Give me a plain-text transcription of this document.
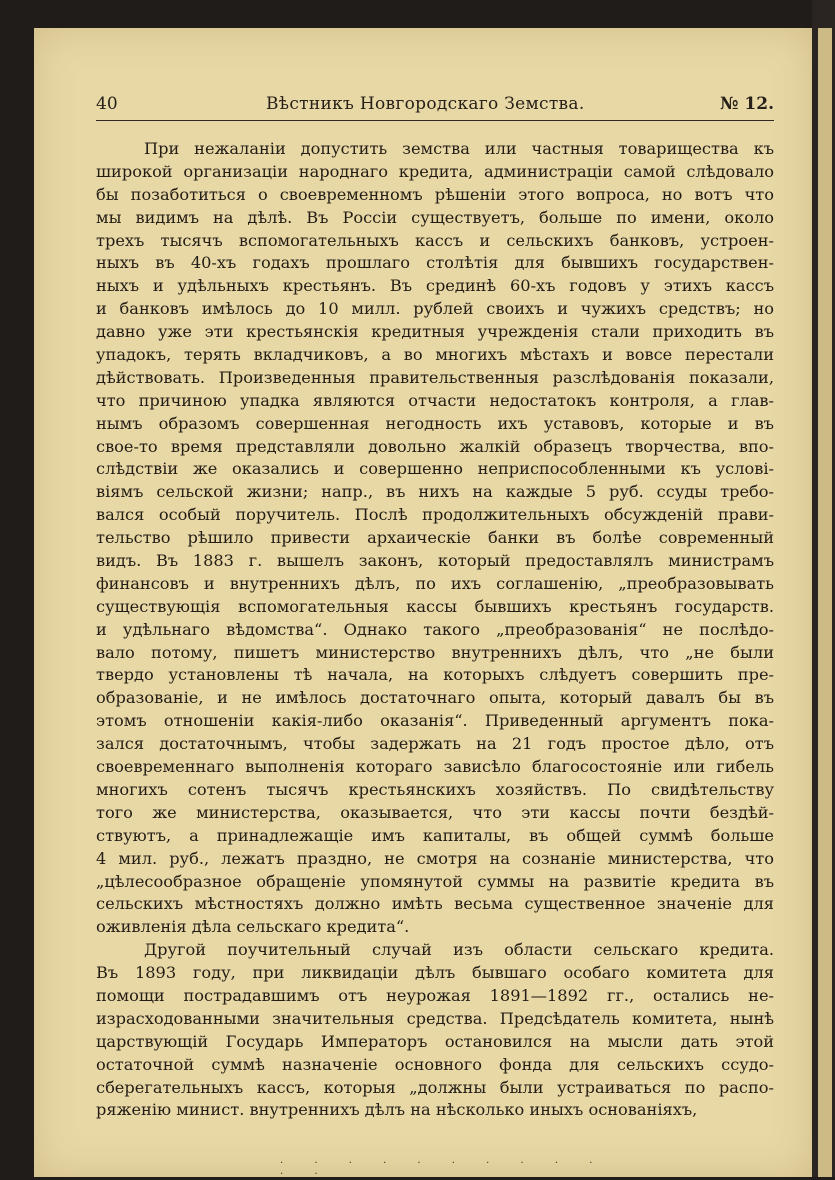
40	Вѣстникъ Новгородскаго Земства.	№ 12.
При нежаланіи допустить земства или частныя товарищества къ
широкой организаціи народнаго кредита, администраціи самой слѣдовало
бы позаботиться о своевременномъ рѣшеніи этого вопроса, но вотъ что
мы видимъ на дѣлѣ. Въ Россіи существуетъ, больше по имени, около
трехъ тысячъ вспомогательныхъ кассъ и сельскихъ банковъ, устроен-
ныхъ въ 40-хъ годахъ прошлаго столѣтія для бывшихъ государствен-
ныхъ и удѣльныхъ крестьянъ. Въ срединѣ 60-хъ годовъ у этихъ кассъ
и банковъ имѣлось до 10 милл. рублей своихъ и чужихъ средствъ; но
давно уже эти крестьянскія кредитныя учрежденія стали приходить въ
упадокъ, терять вкладчиковъ, а во многихъ мѣстахъ и вовсе перестали
дѣйствовать. Произведенныя правительственныя разслѣдованія показали,
что причиною упадка являются отчасти недостатокъ контроля, а глав-
нымъ образомъ совершенная негодность ихъ уставовъ, которые и въ
свое-то время представляли довольно жалкій образецъ творчества, впо-
слѣдствіи же оказались и совершенно неприспособленными къ услові-
віямъ сельской жизни; напр., въ нихъ на каждые 5 руб. ссуды требо-
вался особый поручитель. Послѣ продолжительныхъ обсужденій прави-
тельство рѣшило привести архаическіе банки въ болѣе современный
видъ. Въ 1883 г. вышелъ законъ, который предоставлялъ министрамъ
финансовъ и внутреннихъ дѣлъ, по ихъ соглашенію, „преобразовывать
существующія вспомогательныя кассы бывшихъ крестьянъ государств.
и удѣльнаго вѣдомства“. Однако такого „преобразованія“ не послѣдо-
вало потому, пишетъ министерство внутреннихъ дѣлъ, что „не были
твердо установлены тѣ начала, на которыхъ слѣдуетъ совершить пре-
образованіе, и не имѣлось достаточнаго опыта, который давалъ бы въ
этомъ отношеніи какія-либо оказанія“. Приведенный аргументъ пока-
зался достаточнымъ, чтобы задержать на 21 годъ простое дѣло, отъ
своевременнаго выполненія котораго зависѣло благосостояніе или гибель
многихъ сотенъ тысячъ крестьянскихъ хозяйствъ. По свидѣтельству
того же министерства, оказывается, что эти кассы почти бездѣй-
ствуютъ, а принадлежащіе имъ капиталы, въ общей суммѣ больше
4 мил. руб., лежатъ праздно, не смотря на сознаніе министерства, что
„цѣлесообразное обращеніе упомянутой суммы на развитіе кредита въ
сельскихъ мѣстностяхъ должно имѣть весьма существенное значеніе для
оживленія дѣла сельскаго кредита“.
Другой поучительный случай изъ области сельскаго кредита.
Въ 1893 году, при ликвидаціи дѣлъ бывшаго особаго комитета для
помощи пострадавшимъ отъ неурожая 1891—1892 гг., остались не-
израсходованными значительныя средства. Предсѣдатель комитета, нынѣ
царствующій Государь Императоръ остановился на мысли дать этой
остаточной суммѣ назначеніе основного фонда для сельскихъ ссудо-
сберегательныхъ кассъ, которыя „должны были устраиваться по распо-
ряженію минист. внутреннихъ дѣлъ на нѣсколько иныхъ основаніяхъ,
· · · · · · · · · · · ·
